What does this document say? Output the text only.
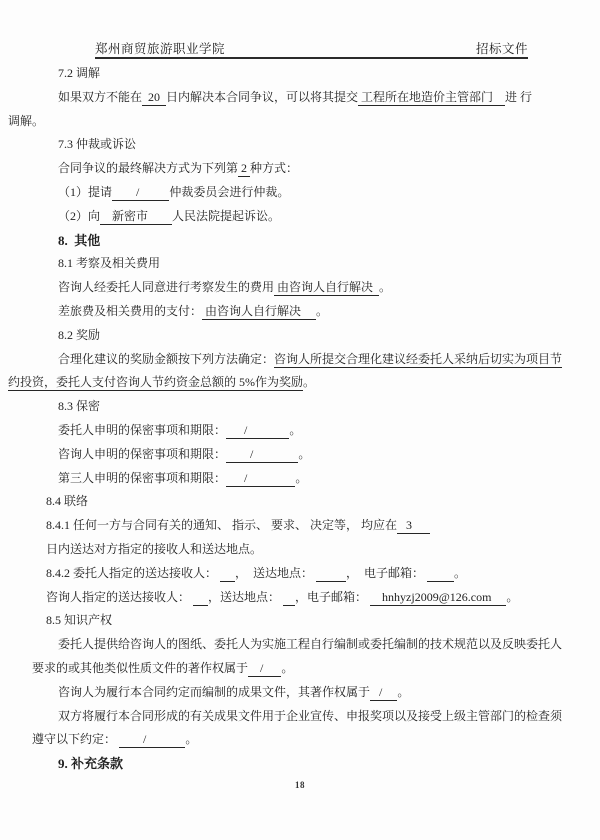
郑州商贸旅游职业学院	招标文件
7.2 调解
如果双方不能在  20  日内解决本合同争议，可以将其提交 工程所在地造价主管部门    进 行
调解。
7.3 仲裁或诉讼
合同争议的最终解决方式为下列第 2 种方式：
（1）提请        /          仲裁委员会进行仲裁。
（2）向    新密市        人民法院提起诉讼。
8.  其他
8.1 考察及相关费用
咨询人经委托人同意进行考察发生的费用 由咨询人自行解决  。
差旅费及相关费用的支付： 由咨询人自行解决     。
8.2 奖励
合理化建议的奖励金额按下列方法确定：咨询人所提交合理化建议经委托人采纳后切实为项目节
约投资，委托人支付咨询人节约资金总额的 5%作为奖励。
8.3 保密
委托人申明的保密事项和期限：      /              。
咨询人申明的保密事项和期限：        /               。
第三人申明的保密事项和期限：      /                。
8.4 联络
8.4.1 任何一方与合同有关的通知、 指示、 要求、 决定等， 均应在   3
日内送达对方指定的接收人和送达地点。
8.4.2 委托人指定的送达接收人：      ，  送达地点：	，  电子邮箱：          。
咨询人指定的送达接收人：      ，送达地点：     ，电子邮箱：     hnhyzj2009@126.com     。
8.5 知识产权
委托人提供给咨询人的图纸、委托人为实施工程自行编制或委托编制的技术规范以及反映委托人
要求的或其他类似性质文件的著作权属于    /      。
咨询人为履行本合同约定而编制的成果文件，其著作权属于   /     。
双方将履行本合同形成的有关成果文件用于企业宣传、申报奖项以及接受上级主管部门的检查须
遵守以下约定：         /             。
9. 补充条款
18
